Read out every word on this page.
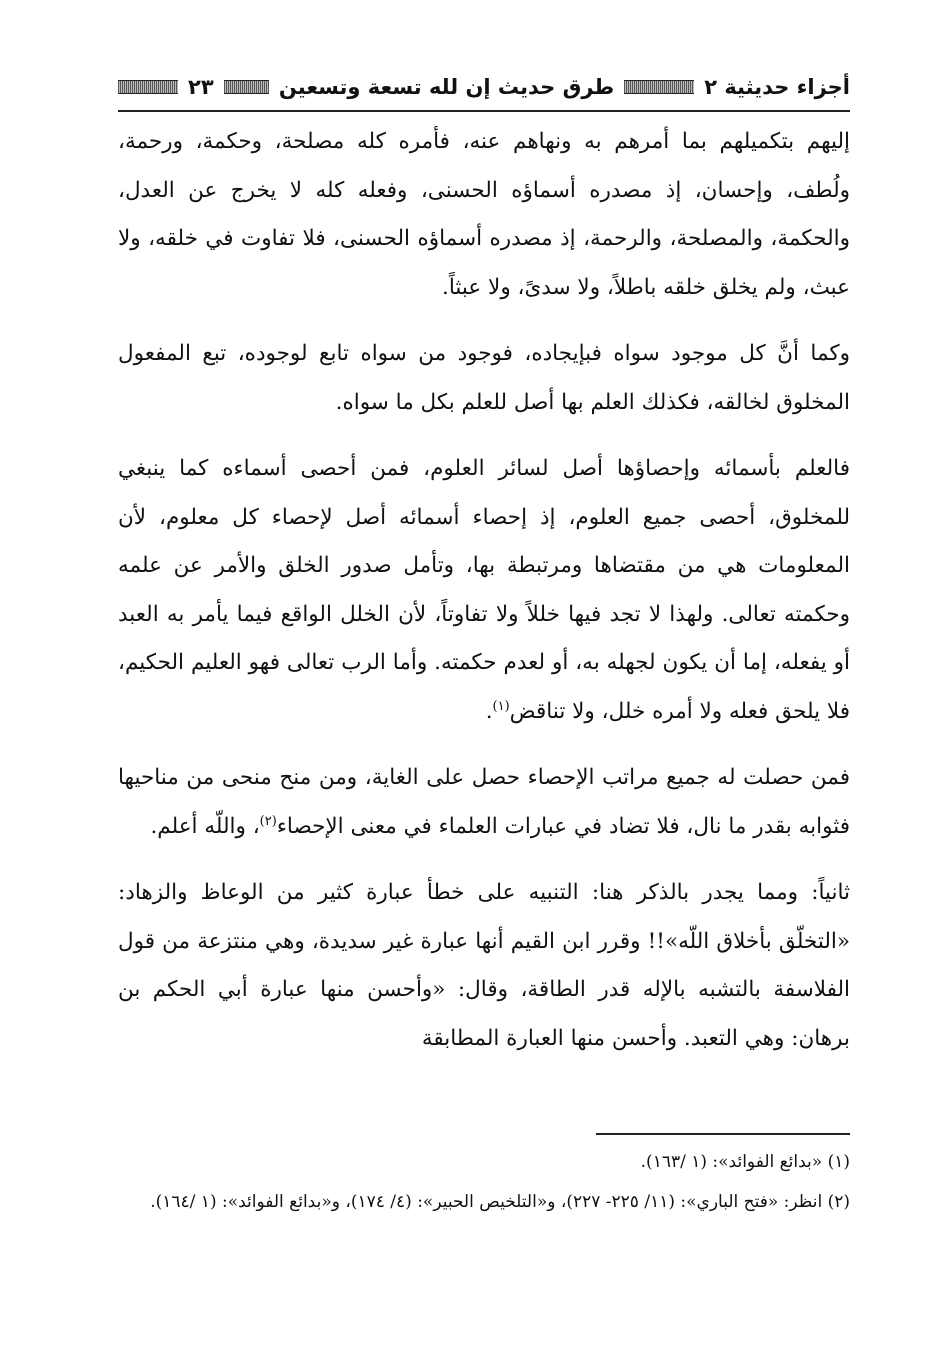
أجزاء حديثية ٢
طرق حديث إن لله تسعة وتسعين
٢٣

إليهم بتكميلهم بما أمرهم به ونهاهم عنه، فأمره كله مصلحة، وحكمة، ورحمة، ولُطف، وإحسان، إذ مصدره أسماؤه الحسنى، وفعله كله لا يخرج عن العدل، والحكمة، والمصلحة، والرحمة، إذ مصدره أسماؤه الحسنى، فلا تفاوت في خلقه، ولا عبث، ولم يخلق خلقه باطلاً، ولا سدىً، ولا عبثاً.

وكما أنَّ كل موجود سواه فبإيجاده، فوجود من سواه تابع لوجوده، تبع المفعول المخلوق لخالقه، فكذلك العلم بها أصل للعلم بكل ما سواه.

فالعلم بأسمائه وإحصاؤها أصل لسائر العلوم، فمن أحصى أسماءه كما ينبغي للمخلوق، أحصى جميع العلوم، إذ إحصاء أسمائه أصل لإحصاء كل معلوم، لأن المعلومات هي من مقتضاها ومرتبطة بها، وتأمل صدور الخلق والأمر عن علمه وحكمته تعالى. ولهذا لا تجد فيها خللاً ولا تفاوتاً، لأن الخلل الواقع فيما يأمر به العبد أو يفعله، إما أن يكون لجهله به، أو لعدم حكمته. وأما الرب تعالى فهو العليم الحكيم، فلا يلحق فعله ولا أمره خلل، ولا تناقض$^{(١)}$.

فمن حصلت له جميع مراتب الإحصاء حصل على الغاية، ومن منح منحى من مناحيها فثوابه بقدر ما نال، فلا تضاد في عبارات العلماء في معنى الإحصاء$^{(٢)}$، واللّه أعلم.

ثانياً: ومما يجدر بالذكر هنا: التنبيه على خطأ عبارة كثير من الوعاظ والزهاد: «التخلّق بأخلاق اللّه»!! وقرر ابن القيم أنها عبارة غير سديدة، وهي منتزعة من قول الفلاسفة بالتشبه بالإله قدر الطاقة، وقال: «وأحسن منها عبارة أبي الحكم بن برهان: وهي التعبد. وأحسن منها العبارة المطابقة

(١) «بدائع الفوائد»: (١ /١٦٣).

(٢) انظر: «فتح الباري»: (١١/ ٢٢٥- ٢٢٧)، و«التلخيص الحبير»: (٤/ ١٧٤)، و«بدائع الفوائد»: (١ /١٦٤).
